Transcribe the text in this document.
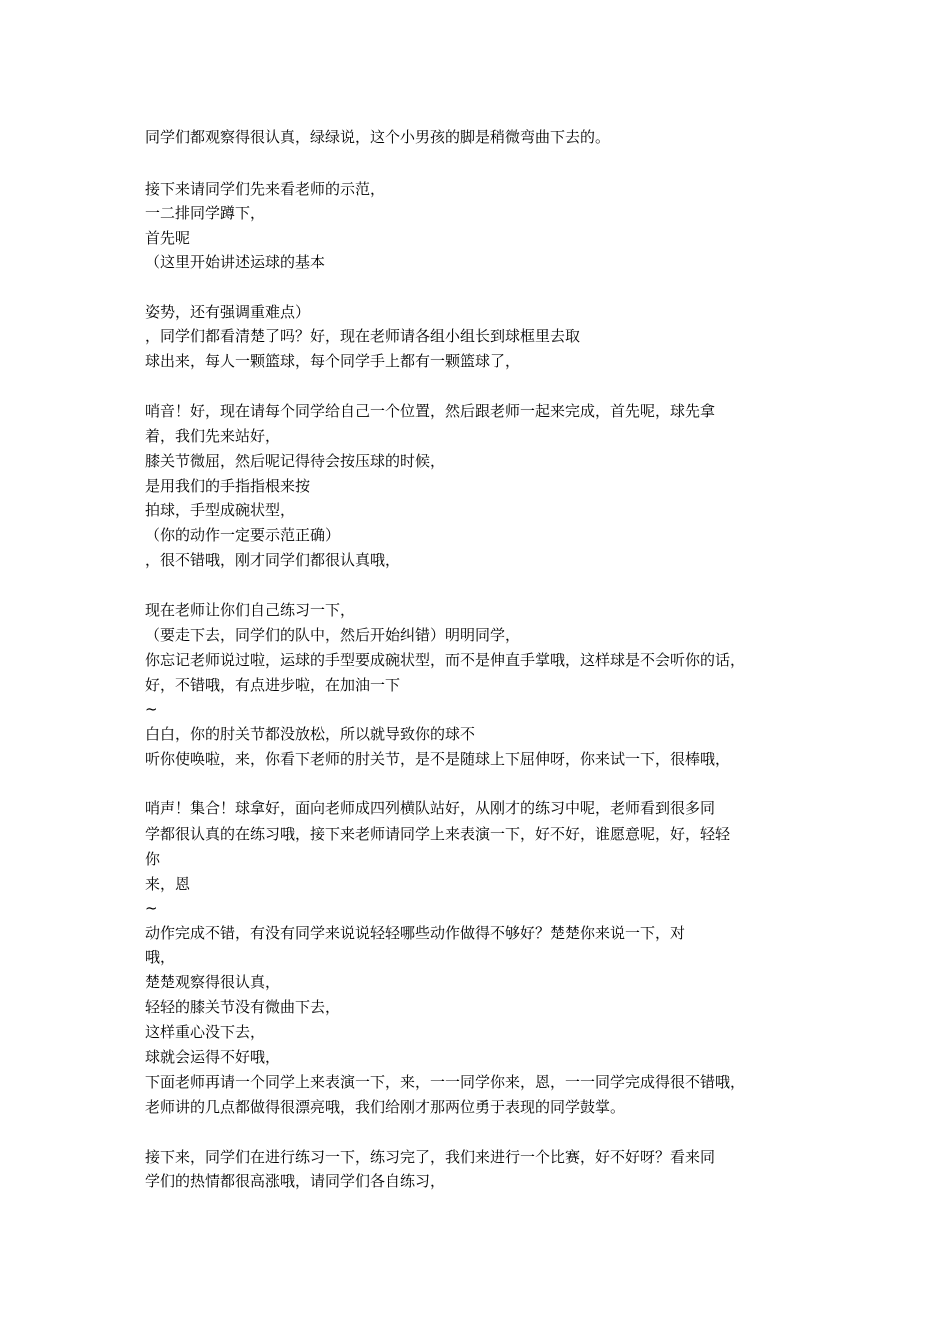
同学们都观察得很认真，绿绿说，这个小男孩的脚是稍微弯曲下去的。
接下来请同学们先来看老师的示范，
一二排同学蹲下，
首先呢
（这里开始讲述运球的基本
姿势，还有强调重难点）
，同学们都看清楚了吗？好，现在老师请各组小组长到球框里去取
球出来，每人一颗篮球，每个同学手上都有一颗篮球了，
哨音！好，现在请每个同学给自己一个位置，然后跟老师一起来完成，首先呢，球先拿
着，我们先来站好，
膝关节微屈，然后呢记得待会按压球的时候，
是用我们的手指指根来按
拍球，手型成碗状型，
（你的动作一定要示范正确）
，很不错哦，刚才同学们都很认真哦，
现在老师让你们自己练习一下，
（要走下去，同学们的队中，然后开始纠错）明明同学，
你忘记老师说过啦，运球的手型要成碗状型，而不是伸直手掌哦，这样球是不会听你的话，
好，不错哦，有点进步啦，在加油一下
~
白白，你的肘关节都没放松，所以就导致你的球不
听你使唤啦，来，你看下老师的肘关节，是不是随球上下屈伸呀，你来试一下，很棒哦，
哨声！集合！球拿好，面向老师成四列横队站好，从刚才的练习中呢，老师看到很多同
学都很认真的在练习哦，接下来老师请同学上来表演一下，好不好，谁愿意呢，好，轻轻
你
来，恩
~
动作完成不错，有没有同学来说说轻轻哪些动作做得不够好？楚楚你来说一下，对
哦，
楚楚观察得很认真，
轻轻的膝关节没有微曲下去，
这样重心没下去，
球就会运得不好哦，
下面老师再请一个同学上来表演一下，来，一一同学你来，恩，一一同学完成得很不错哦，
老师讲的几点都做得很漂亮哦，我们给刚才那两位勇于表现的同学鼓掌。
接下来，同学们在进行练习一下，练习完了，我们来进行一个比赛，好不好呀？看来同
学们的热情都很高涨哦，请同学们各自练习，
